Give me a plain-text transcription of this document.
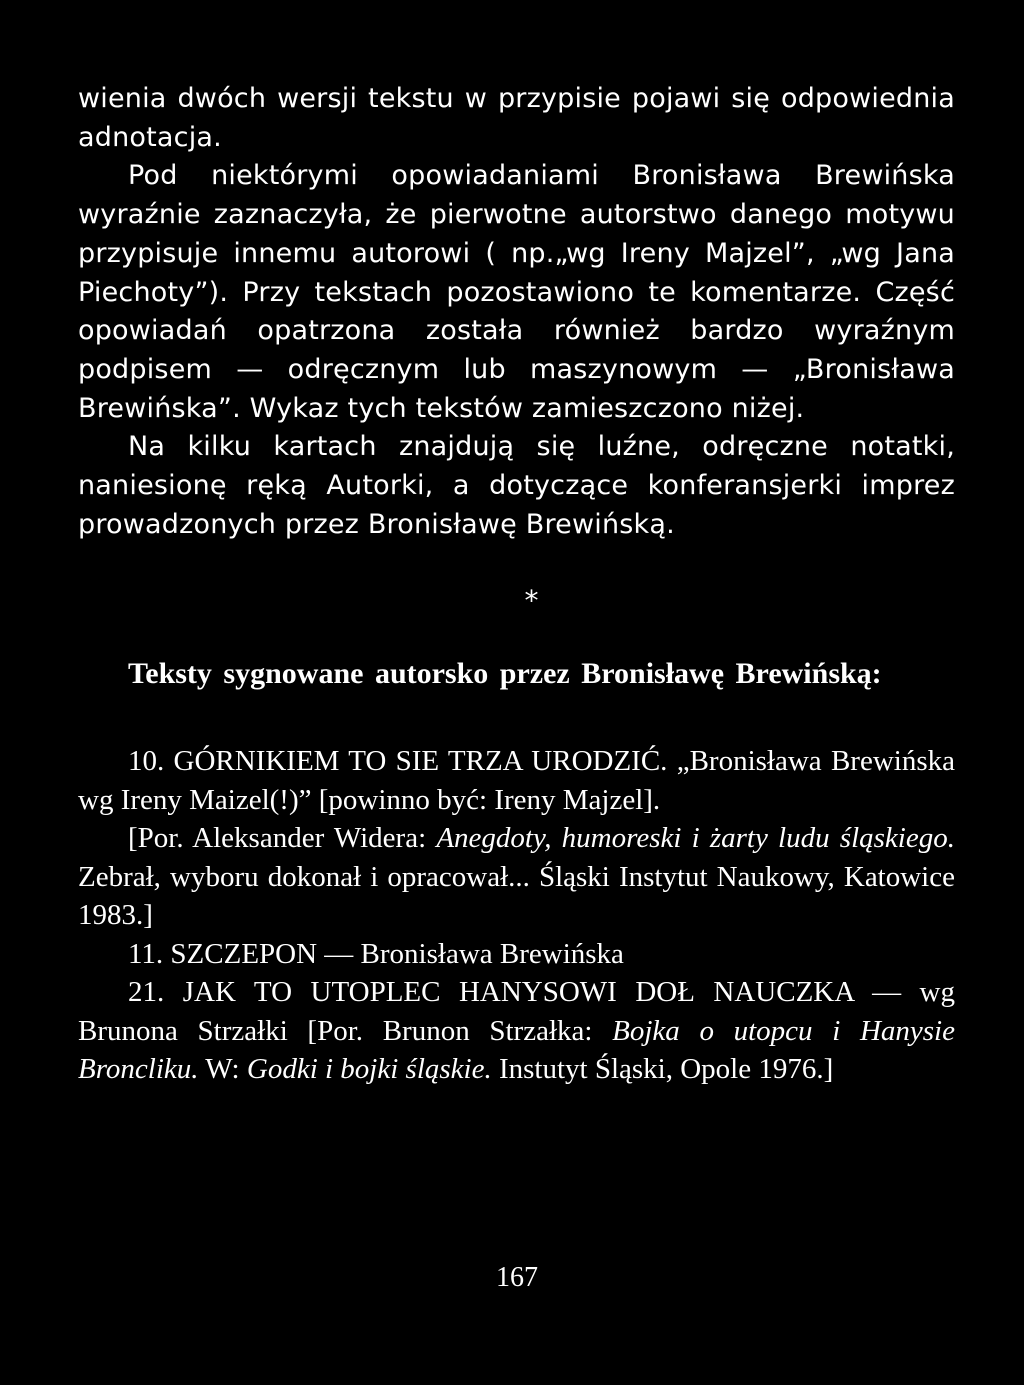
wienia dwóch wersji tekstu w przypisie pojawi się odpowiednia adnotacja.

Pod niektórymi opowiadaniami Bronisława Brewińska wyraźnie zaznaczyła, że pierwotne autorstwo danego motywu przypisuje innemu autorowi ( np.„wg Ireny Majzel”, „wg Jana Piechoty”). Przy tekstach pozostawiono te komentarze. Część opowiadań opatrzona została również bardzo wyraźnym podpisem — odręcznym lub maszynowym — „Bronisława Brewińska”. Wykaz tych tekstów zamieszczono niżej.

Na kilku kartach znajdują się luźne, odręczne notatki, naniesionę ręką Autorki, a dotyczące konferansjerki imprez prowadzonych przez Bronisławę Brewińską.

*
Teksty sygnowane autorsko przez Bronisławę Brewińską:

10. GÓRNIKIEM TO SIE TRZA URODZIĆ. „Bronisława Brewińska wg Ireny Maizel(!)” [powinno być: Ireny Majzel].

[Por. Aleksander Widera: Anegdoty, humoreski i żarty ludu śląskiego. Zebrał, wyboru dokonał i opracował... Śląski Instytut Naukowy, Katowice 1983.]

11. SZCZEPON — Bronisława Brewińska

21. JAK TO UTOPLEC HANYSOWI DOŁ NAUCZKA — wg Brunona Strzałki [Por. Brunon Strzałka: Bojka o utopcu i Hanysie Broncliku. W: Godki i bojki śląskie. Instutyt Śląski, Opole 1976.]

167
